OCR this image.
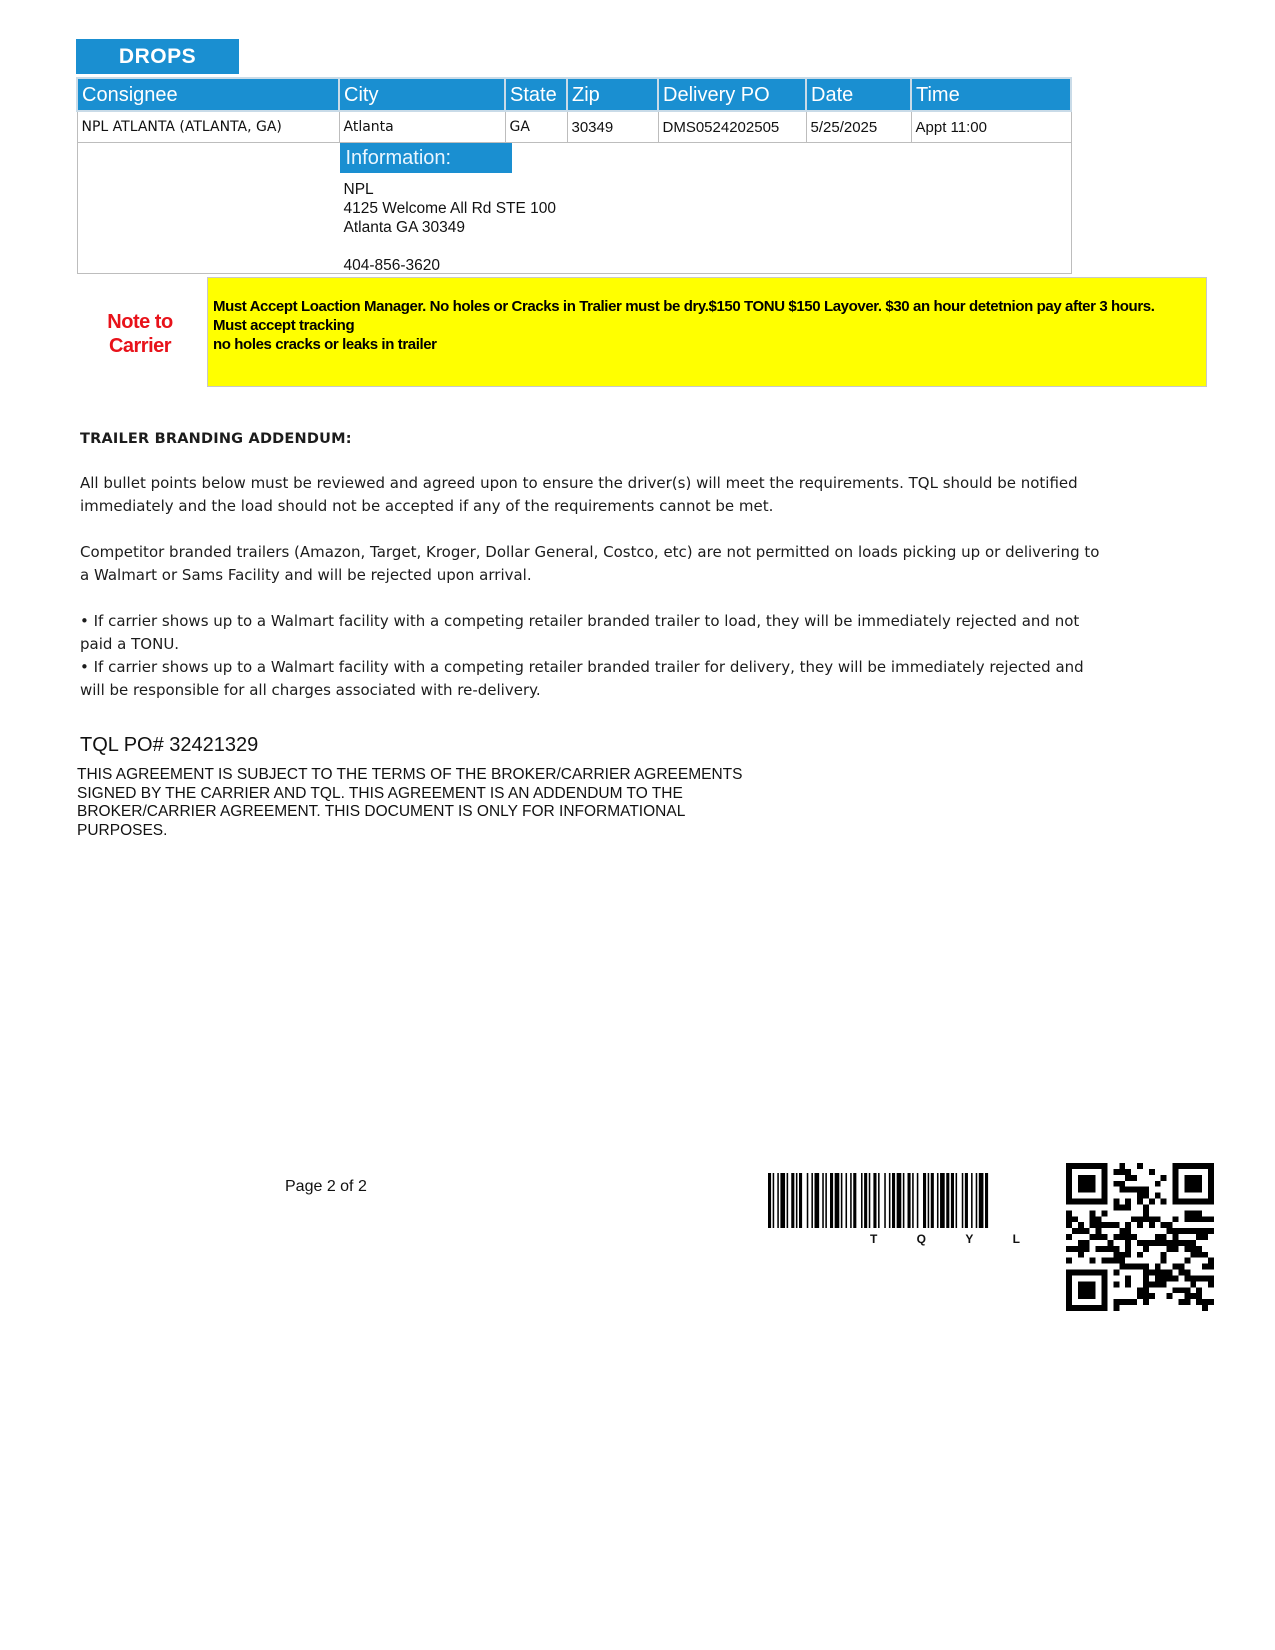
DROPS
Consignee	City	State	Zip	Delivery PO	Date	Time
NPL ATLANTA (ATLANTA, GA)	Atlanta	GA	30349	DMS0524202505	5/25/2025	Appt 11:00

Information:
NPL
4125 Welcome All Rd STE 100
Atlanta GA 30349
404-856-3620						
Note to
Carrier
Must Accept Loaction Manager. No holes or Cracks in Tralier must be dry.$150 TONU $150 Layover. $30 an hour detetnion pay after 3 hours.
Must accept tracking
no holes cracks or leaks in trailer
TRAILER BRANDING ADDENDUM:

All bullet points below must be reviewed and agreed upon to ensure the driver(s) will meet the requirements. TQL should be notified immediately and the load should not be accepted if any of the requirements cannot be met.

Competitor branded trailers (Amazon, Target, Kroger, Dollar General, Costco, etc) are not permitted on loads picking up or delivering to a Walmart or Sams Facility and will be rejected upon arrival.

• If carrier shows up to a Walmart facility with a competing retailer branded trailer to load, they will be immediately rejected and not paid a TONU.

• If carrier shows up to a Walmart facility with a competing retailer branded trailer for delivery, they will be immediately rejected and will be responsible for all charges associated with re-delivery.

TQL PO# 32421329
THIS AGREEMENT IS SUBJECT TO THE TERMS OF THE BROKER/CARRIER AGREEMENTS SIGNED BY THE CARRIER AND TQL. THIS AGREEMENT IS AN ADDENDUM TO THE BROKER/CARRIER AGREEMENT. THIS DOCUMENT IS ONLY FOR INFORMATIONAL PURPOSES.
Page 2 of 2
T	Q	Y	L
